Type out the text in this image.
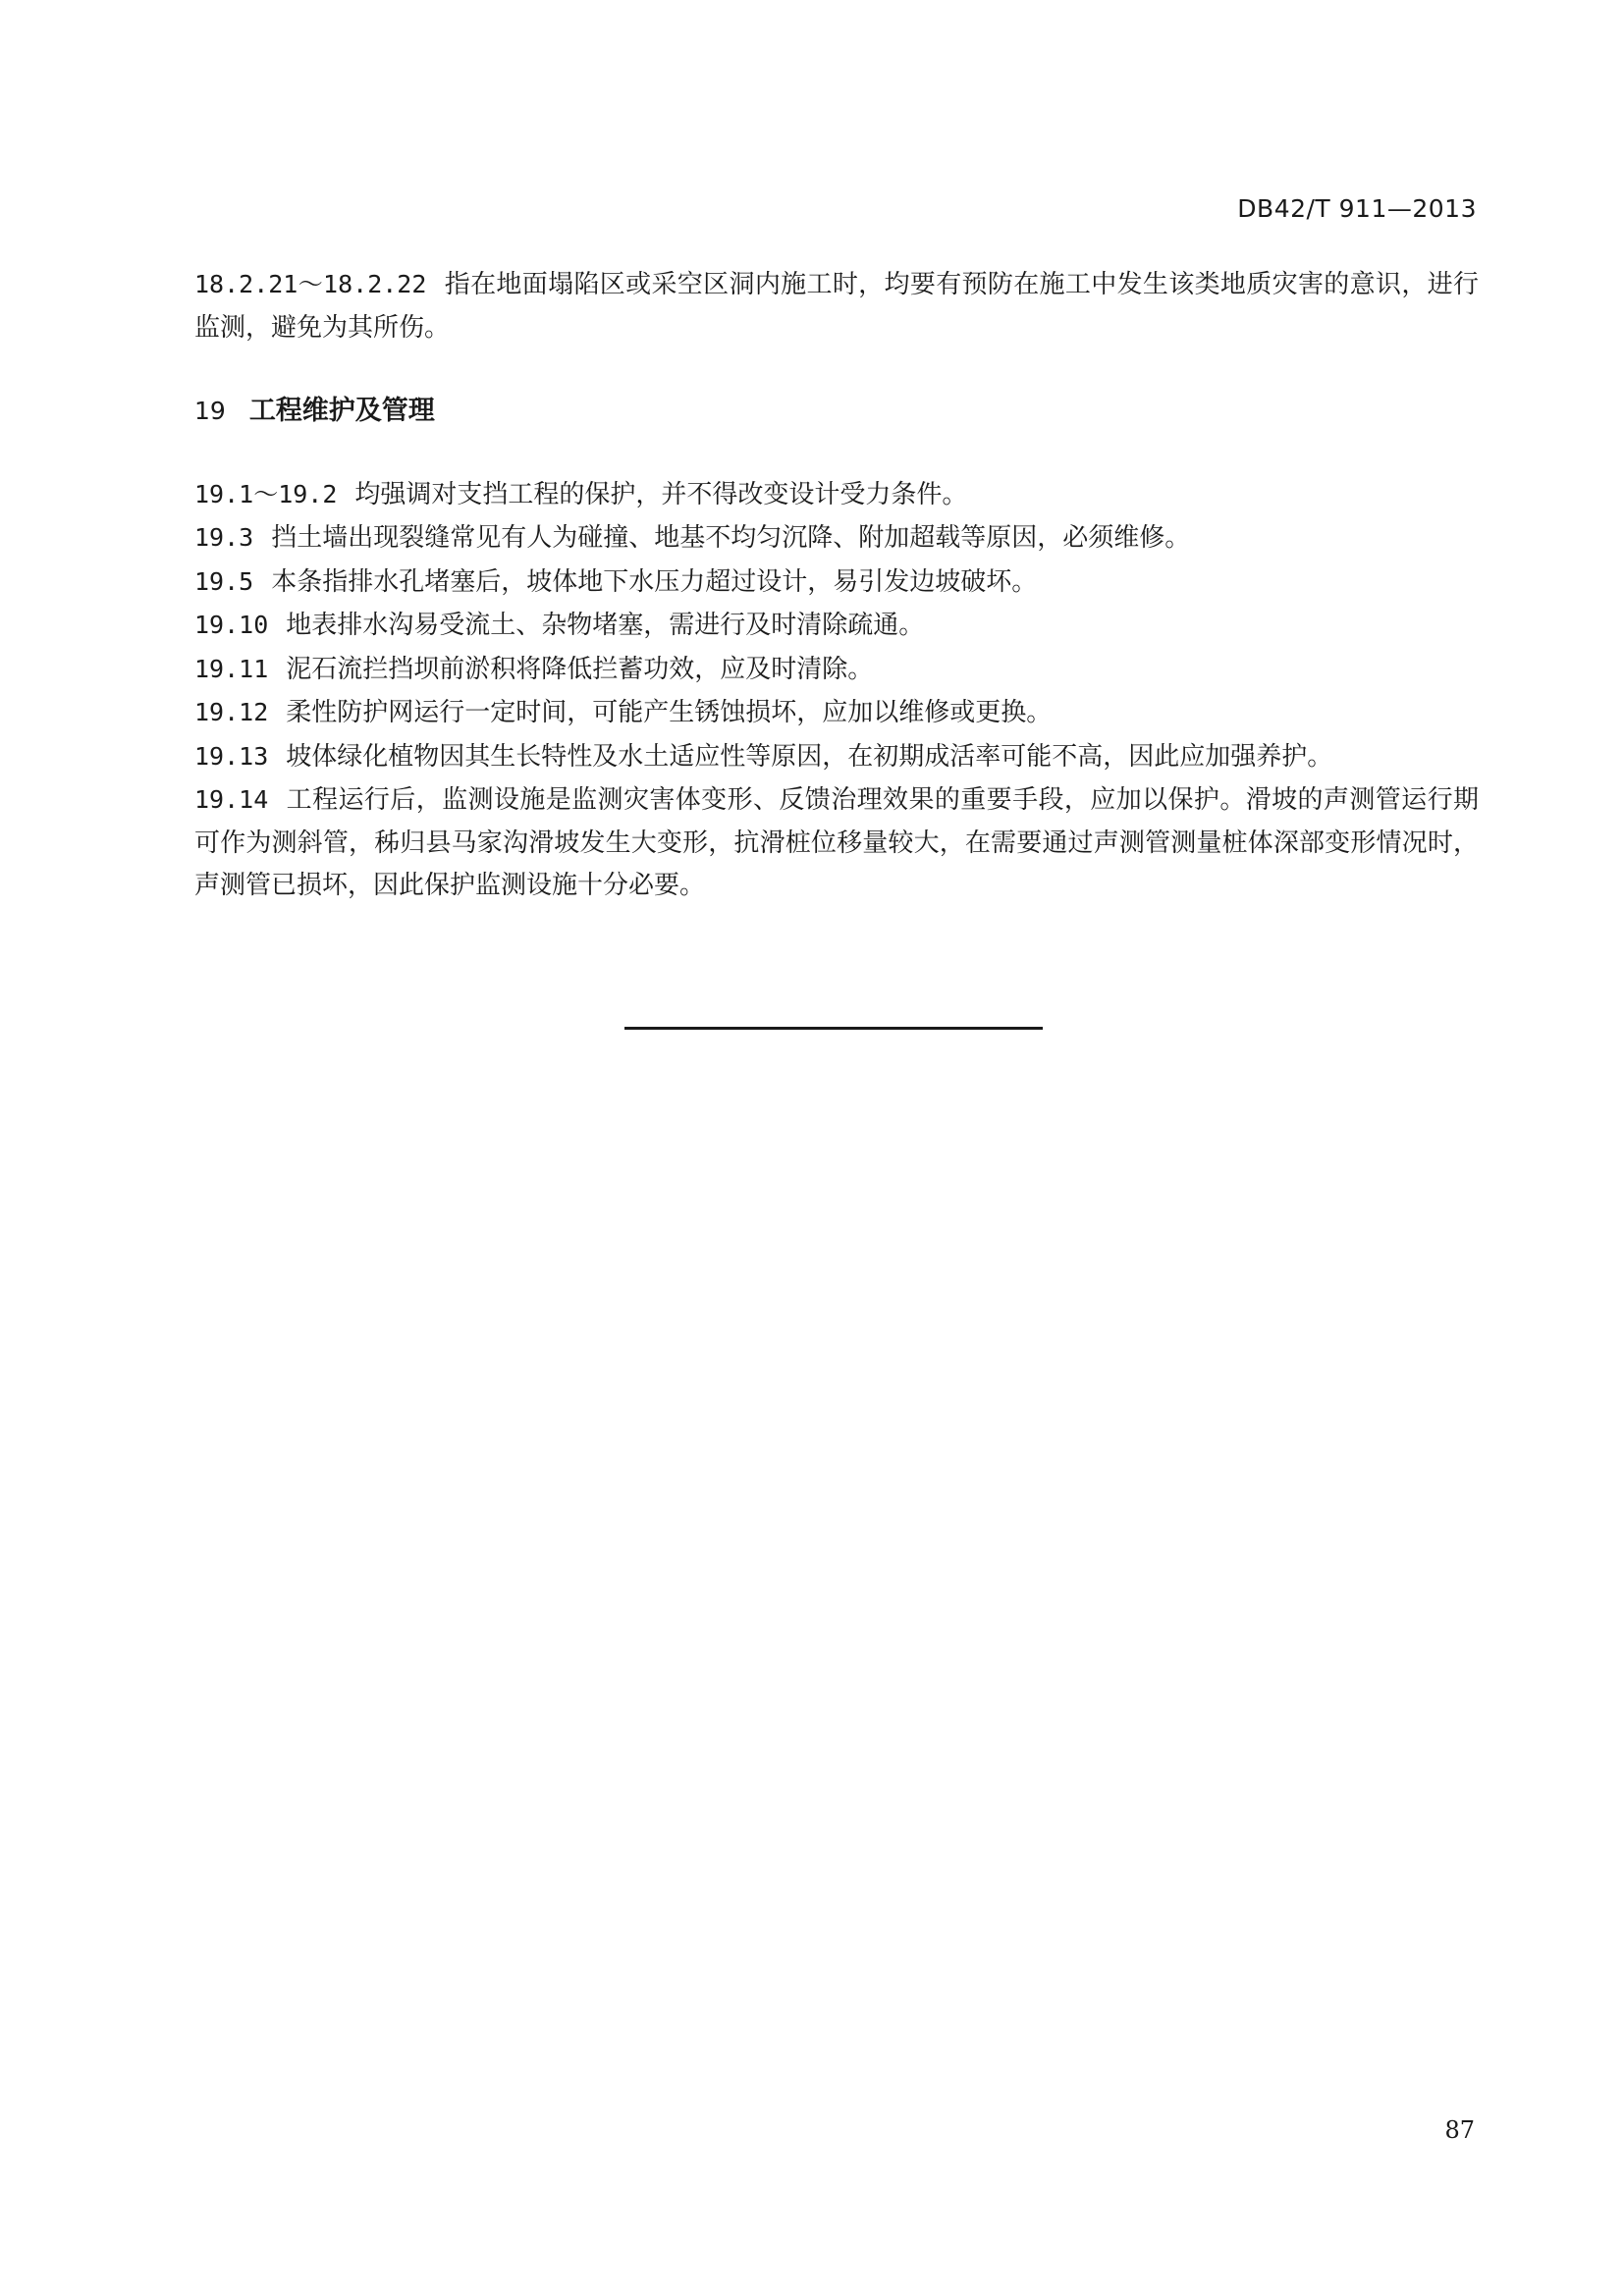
DB42/T 911—2013

18.2.21～18.2.22 指在地面塌陷区或采空区洞内施工时，均要有预防在施工中发生该类地质灾害的意识，进行监测，避免为其所伤。

19 工程维护及管理

19.1～19.2 均强调对支挡工程的保护，并不得改变设计受力条件。

19.3 挡土墙出现裂缝常见有人为碰撞、地基不均匀沉降、附加超载等原因，必须维修。

19.5 本条指排水孔堵塞后，坡体地下水压力超过设计，易引发边坡破坏。

19.10 地表排水沟易受流土、杂物堵塞，需进行及时清除疏通。

19.11 泥石流拦挡坝前淤积将降低拦蓄功效，应及时清除。

19.12 柔性防护网运行一定时间，可能产生锈蚀损坏，应加以维修或更换。

19.13 坡体绿化植物因其生长特性及水土适应性等原因，在初期成活率可能不高，因此应加强养护。

19.14 工程运行后，监测设施是监测灾害体变形、反馈治理效果的重要手段，应加以保护。滑坡的声测管运行期可作为测斜管，秭归县马家沟滑坡发生大变形，抗滑桩位移量较大，在需要通过声测管测量桩体深部变形情况时，声测管已损坏，因此保护监测设施十分必要。

87
